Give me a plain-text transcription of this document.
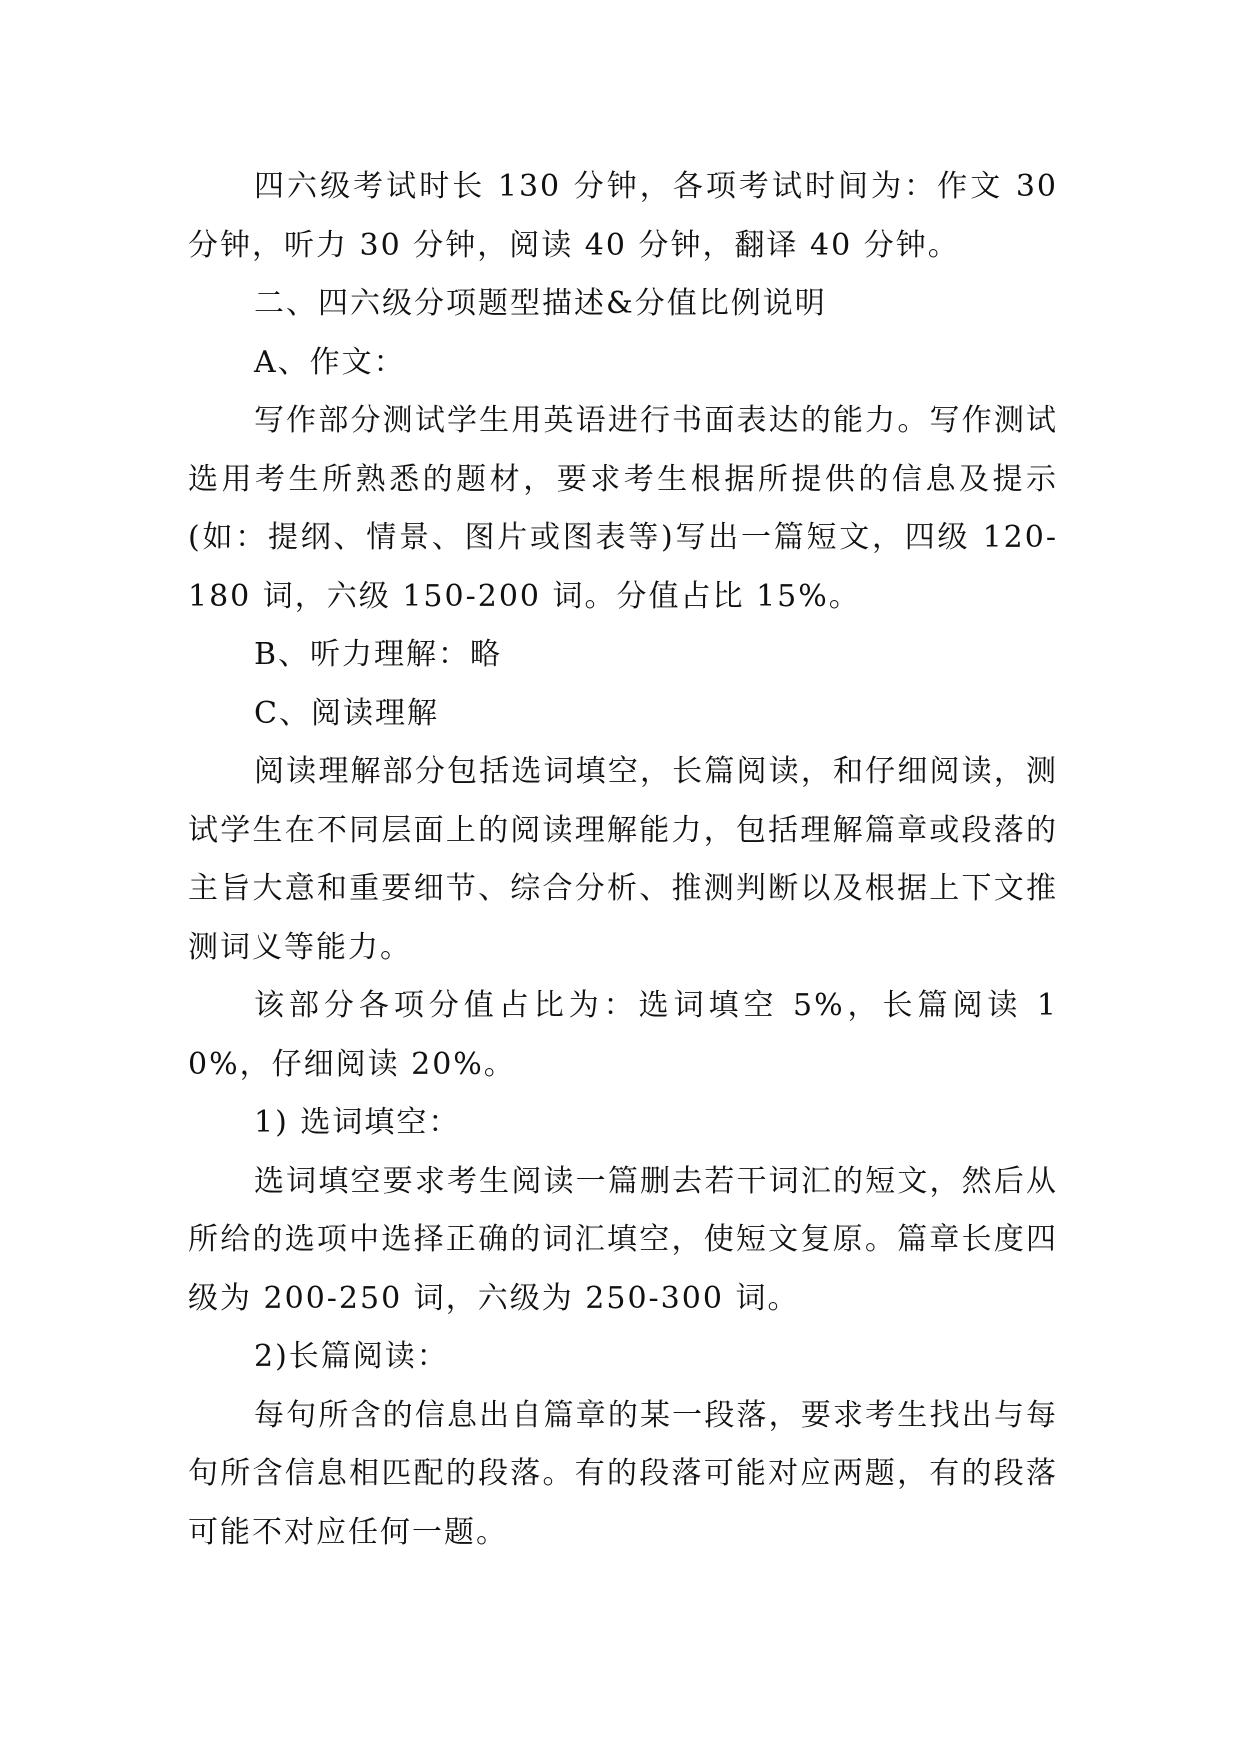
四六级考试时长 130 分钟，各项考试时间为：作文 30 分钟，听力 30 分钟，阅读 40 分钟，翻译 40 分钟。

二、四六级分项题型描述&分值比例说明

A、作文：

写作部分测试学生用英语进行书面表达的能力。写作测试选用考生所熟悉的题材，要求考生根据所提供的信息及提示(如：提纲、情景、图片或图表等)写出一篇短文，四级 120-180 词，六级 150-200 词。分值占比 15%。

B、听力理解：略

C、阅读理解

阅读理解部分包括选词填空，长篇阅读，和仔细阅读，测试学生在不同层面上的阅读理解能力，包括理解篇章或段落的主旨大意和重要细节、综合分析、推测判断以及根据上下文推测词义等能力。

该部分各项分值占比为：选词填空 5%，长篇阅读 10%，仔细阅读 20%。

1) 选词填空：

选词填空要求考生阅读一篇删去若干词汇的短文，然后从所给的选项中选择正确的词汇填空，使短文复原。篇章长度四级为 200-250 词，六级为 250-300 词。

2)长篇阅读：

每句所含的信息出自篇章的某一段落，要求考生找出与每句所含信息相匹配的段落。有的段落可能对应两题，有的段落可能不对应任何一题。
